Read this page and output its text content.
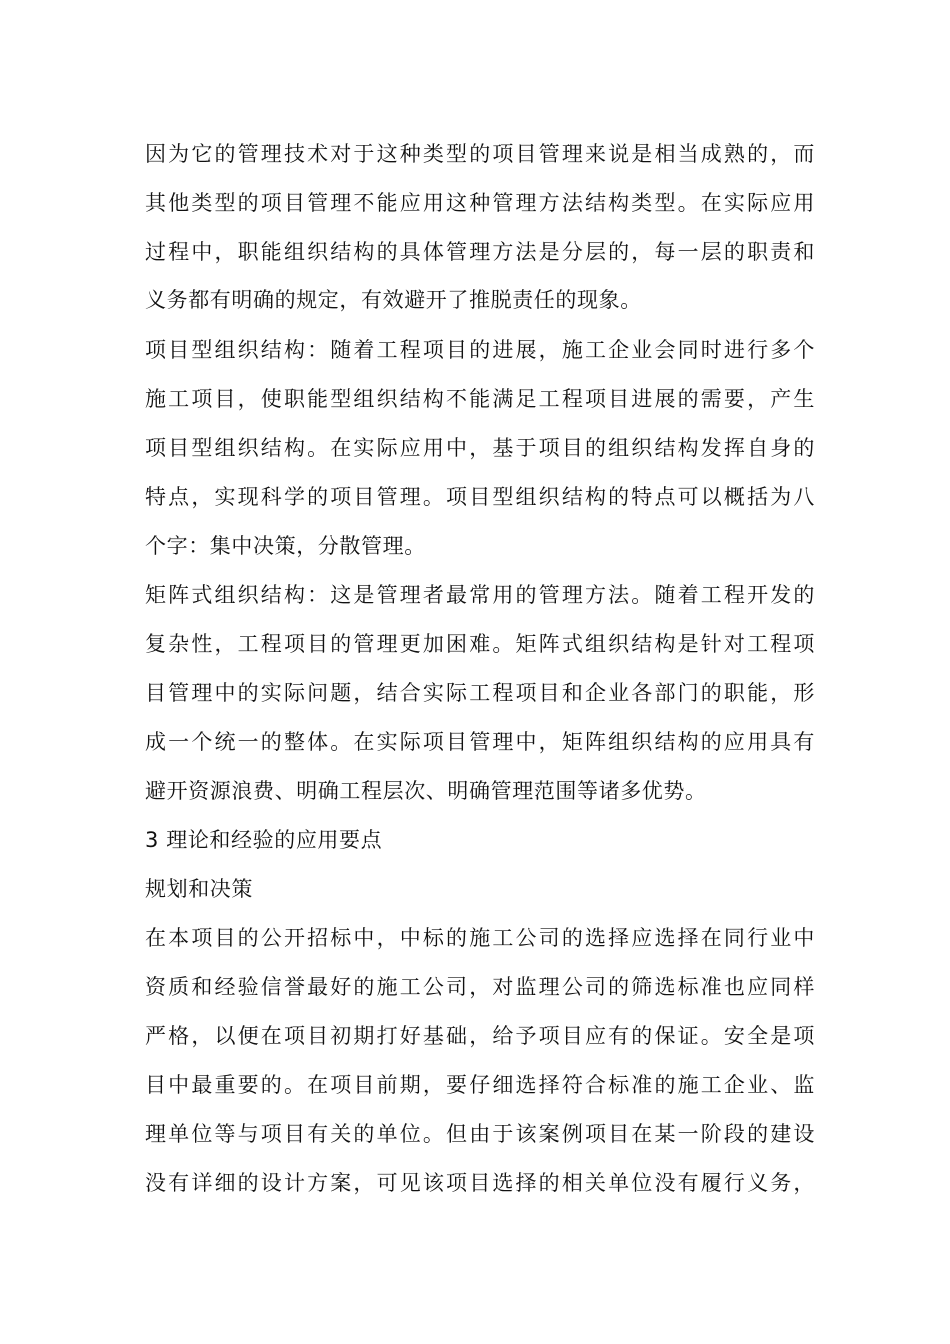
因为它的管理技术对于这种类型的项目管理来说是相当成熟的，而
其他类型的项目管理不能应用这种管理方法结构类型。在实际应用
过程中，职能组织结构的具体管理方法是分层的，每一层的职责和
义务都有明确的规定，有效避开了推脱责任的现象。
项目型组织结构：随着工程项目的进展，施工企业会同时进行多个
施工项目，使职能型组织结构不能满足工程项目进展的需要，产生
项目型组织结构。在实际应用中，基于项目的组织结构发挥自身的
特点，实现科学的项目管理。项目型组织结构的特点可以概括为八
个字：集中决策，分散管理。
矩阵式组织结构：这是管理者最常用的管理方法。随着工程开发的
复杂性，工程项目的管理更加困难。矩阵式组织结构是针对工程项
目管理中的实际问题，结合实际工程项目和企业各部门的职能，形
成一个统一的整体。在实际项目管理中，矩阵组织结构的应用具有
避开资源浪费、明确工程层次、明确管理范围等诸多优势。
3 理论和经验的应用要点
规划和决策
在本项目的公开招标中，中标的施工公司的选择应选择在同行业中
资质和经验信誉最好的施工公司，对监理公司的筛选标准也应同样
严格，以便在项目初期打好基础，给予项目应有的保证。安全是项
目中最重要的。在项目前期，要仔细选择符合标准的施工企业、监
理单位等与项目有关的单位。但由于该案例项目在某一阶段的建设
没有详细的设计方案，可见该项目选择的相关单位没有履行义务，
